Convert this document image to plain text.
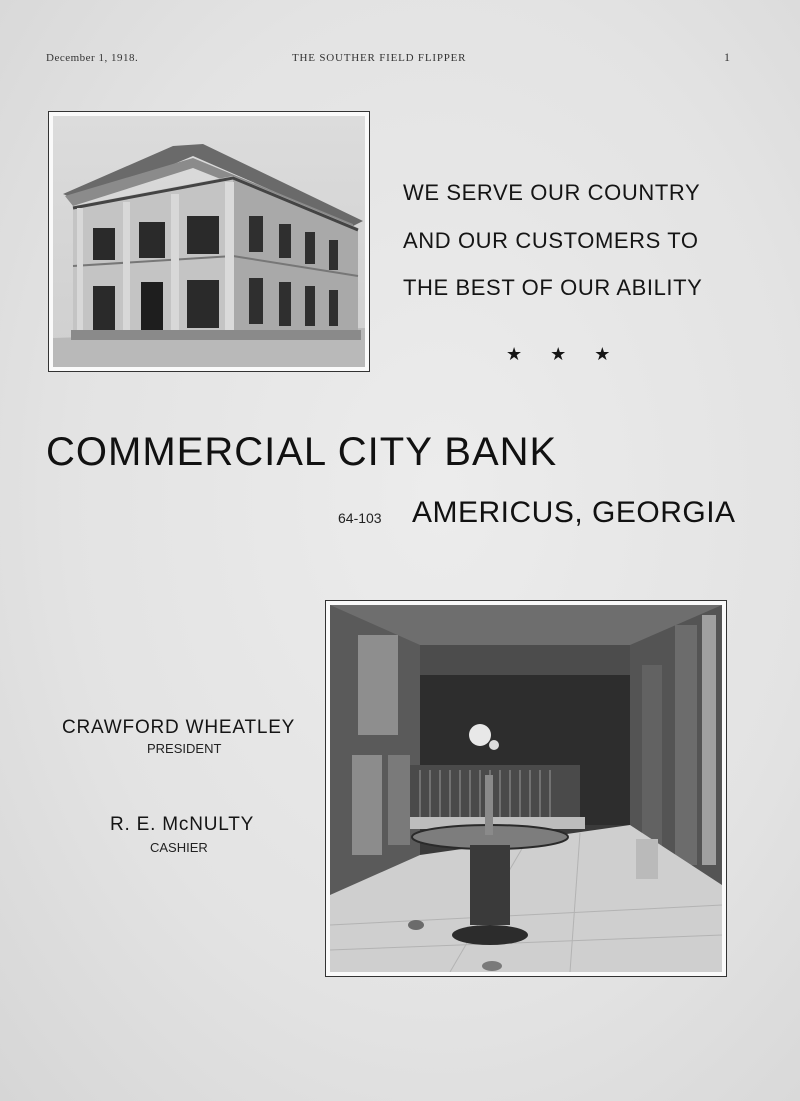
December 1, 1918.	THE SOUTHER FIELD FLIPPER	1
WE SERVE OUR COUNTRY
AND OUR CUSTOMERS TO
THE BEST OF OUR ABILITY
★★★
COMMERCIAL CITY BANK
64-103 AMERICUS, GEORGIA
CRAWFORD WHEATLEY
PRESIDENT
R. E. McNULTY
CASHIER
